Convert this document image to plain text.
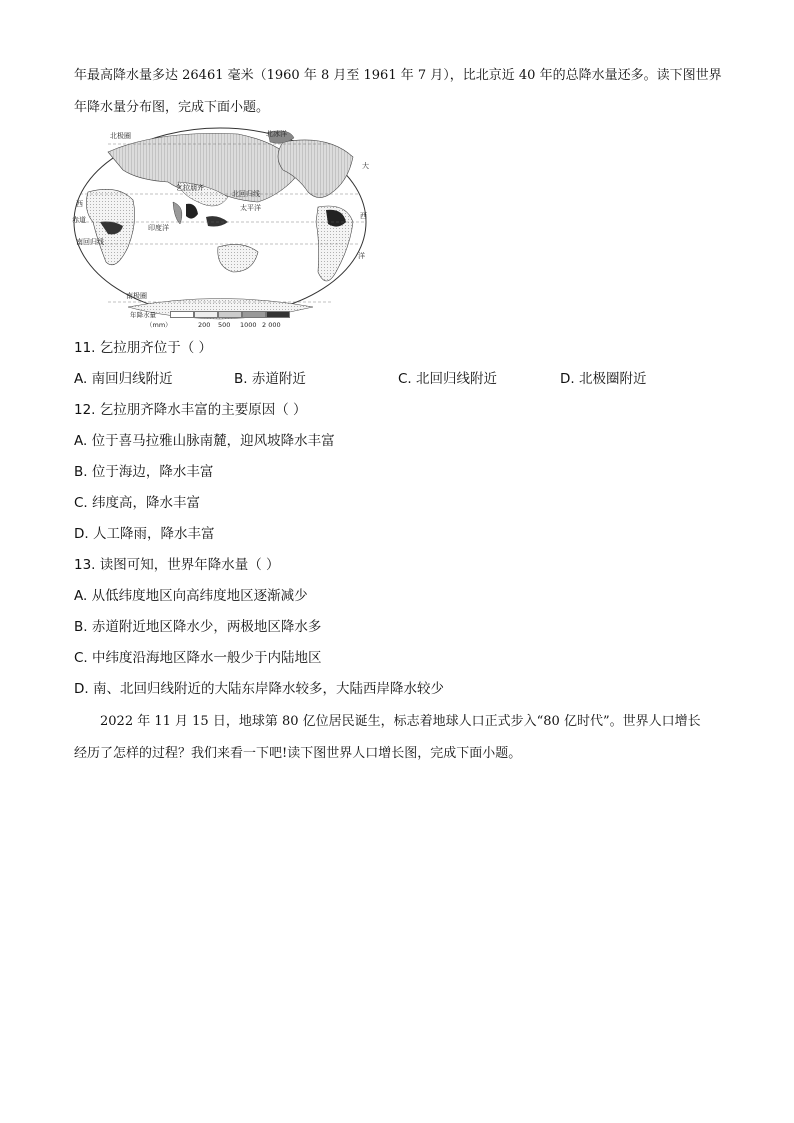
年最高降水量多达 26461 毫米（1960 年 8 月至 1961 年 7 月），比北京近 40 年的总降水量还多。读下图世界
年降水量分布图，完成下面小题。
北极圈	北冰洋
乞拉朋齐
北回归线
太平洋
印度洋
赤道
南回归线
南极圈
大
西
洋
西
年降水量
（mm）	200 500 1000 2 000
11. 乞拉朋齐位于（ ）
A. 南回归线附近	B. 赤道附近	C. 北回归线附近	D. 北极圈附近
12. 乞拉朋齐降水丰富的主要原因（ ）
A. 位于喜马拉雅山脉南麓，迎风坡降水丰富
B. 位于海边，降水丰富
C. 纬度高，降水丰富
D. 人工降雨，降水丰富
13. 读图可知，世界年降水量（ ）
A. 从低纬度地区向高纬度地区逐渐减少
B. 赤道附近地区降水少，两极地区降水多
C. 中纬度沿海地区降水一般少于内陆地区
D. 南、北回归线附近的大陆东岸降水较多，大陆西岸降水较少
2022 年 11 月 15 日，地球第 80 亿位居民诞生，标志着地球人口正式步入“80 亿时代”。世界人口增长
经历了怎样的过程？我们来看一下吧!读下图世界人口增长图，完成下面小题。
